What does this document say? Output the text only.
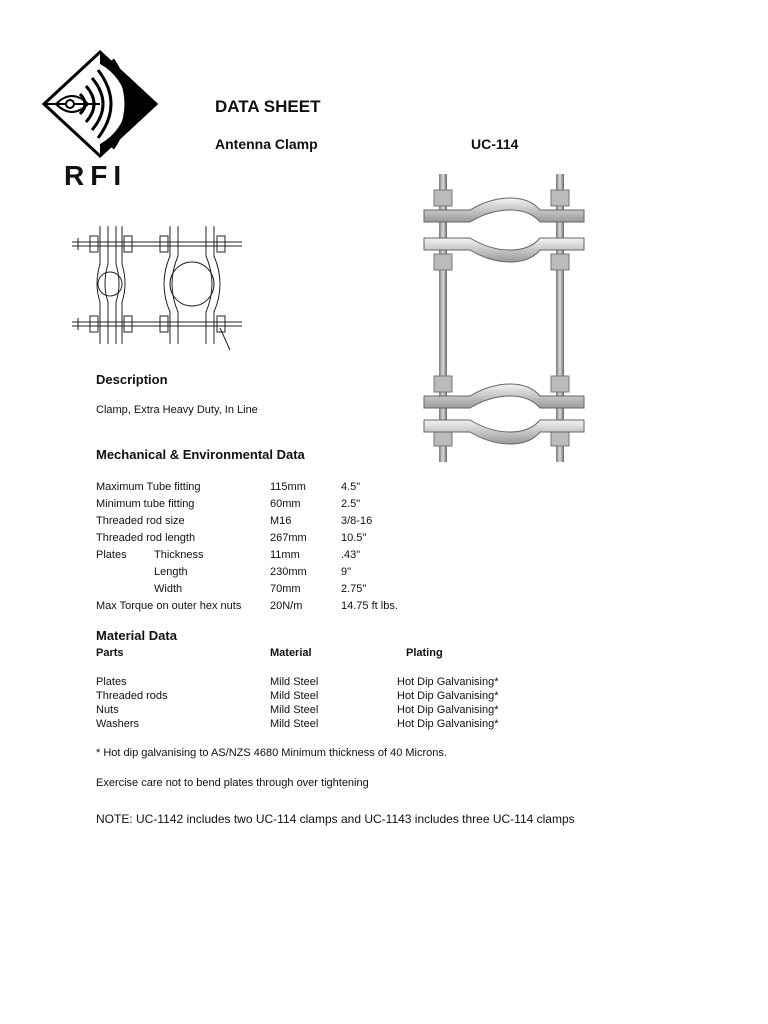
RFI
DATA SHEET
Antenna Clamp	UC-114
Description
Clamp, Extra Heavy Duty, In Line
Mechanical & Environmental Data
Maximum Tube fitting	115mm	4.5"
Minimum tube fitting	60mm	2.5"
Threaded rod size	M16	3/8-16
Threaded rod length	267mm	10.5"
Plates Thickness	11mm	.43"
Length	230mm	9"
Width	70mm	2.75"
Max Torque on outer hex nuts	20N/m	14.75 ft lbs.
Material Data
Parts	Material	Plating
Plates	Mild Steel	Hot Dip Galvanising*
Threaded rods	Mild Steel	Hot Dip Galvanising*
Nuts	Mild Steel	Hot Dip Galvanising*
Washers	Mild Steel	Hot Dip Galvanising*
* Hot dip galvanising to AS/NZS 4680 Minimum thickness of 40 Microns.
Exercise care not to bend plates through over tightening
NOTE: UC-1142 includes two UC-114 clamps and UC-1143 includes three UC-114 clamps
